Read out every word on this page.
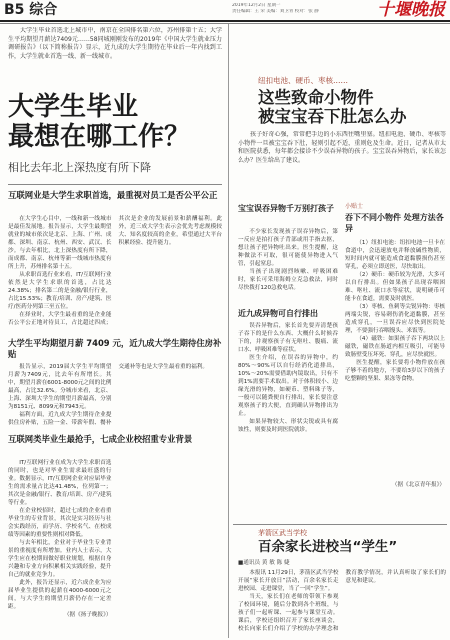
B5 综合	2019年12月2日 星期一
责任编辑：王 荣 美编：刘卫青 校对：张 静	十堰晚报

大学生毕业首选北上城市中，南京在全国排名第六位，苏州排第十五；大学生平均期望月薪达7409元……58同城刚刚发布的2019年《中国大学生就业压力调研报告》（以下简称报告）显示，近九成的大学生期待在毕业后一年内找到工作，大学生就业首选一线、新一线城市。

大学生毕业
最想在哪工作？
相比去年北上深热度有所下降
互联网业是大学生求职首选，最重视对员工是否公平公正

在大学生心目中，一线和新一线城市是最佳发展地。报告显示，大学生最期望就业的城市依次是北京、上海、广州、成都、深圳、南京、杭州、西安、武汉、长沙。与去年相比，北上深热度有所下降，而成都、南京、杭州等新一线城市热度有所上升，苏州排名第十五。

从求职首选行业来看，IT/互联网行业依然是大学生求职的首选，占比达24.38%；排名第二的是金融/银行行业，占比15.53%；教育/培训、房产/建筑、医疗/医药分列第三至五位。

在择业时，大学生最看重的是企业能否公平公正地对待员工，占比超过四成；其次是企业的发展前景和薪酬福利。此外，近三成大学生表示会优先考虑规模较大、知名度较高的企业，希望通过大平台积累经验、提升能力。

大学生平均期望月薪 7409 元，近九成大学生期待住房补贴

报告显示，2019届大学生平均期望月薪为7409元，比去年有所增长。其中，期望月薪在6001-8000元之间的比例最高，占比32.6%。分城市来看，北京、上海、深圳大学生的期望月薪最高，分别为8151元、8099元和7943元。

福利方面，近九成大学生期待企业提供住房补贴，五险一金、带薪年假、餐补交通补等也是大学生最看重的福利。

互联网类毕业生最抢手，七成企业校招重专业背景

IT/互联网行业在成为大学生求职首选的同时，也是对毕业生需求最旺盛的行业。数据显示，IT/互联网企业对应届毕业生的需求量占比达41.48%，位列第一；其次是金融/银行、教育/培训、房产/建筑等行业。

在企业校招时，超过七成的企业看重毕业生的专业背景，其次是实习经历与社会实践经历，而学历、学校名气、在校成绩等因素的重要性则相对降低。

与去年相比，企业对于毕业生专业背景的重视度有所增加。业内人士表示，大学生应在校期间做好职业规划，根据自身兴趣和专业方向积累相关实践经验，提升自己的就业竞争力。

此外，报告还显示，近六成企业为应届毕业生提供的起薪在4000-6000元之间，与大学生的期望月薪仍存在一定差距。

（据《扬子晚报》）

纽扣电池、硬币、枣核……
这些致命小物件
被宝宝吞下肚怎么办

孩子好奇心强，常常把手边的小东西往嘴里塞。纽扣电池、硬币、枣核等小物件一旦被宝宝吞下肚，轻则引起不适，重则危及生命。近日，记者从市太和医院获悉，每年都会接诊不少误吞异物的孩子。宝宝误吞异物后，家长该怎么办？医生给出了建议。

宝宝误吞异物千万别打孩子

不少家长发现孩子误吞异物后，第一反应是拍打孩子背部或用手指去抠，想让孩子把异物吐出来。医生提醒，这种做法不可取，很可能使异物进入气管，引起窒息。

当孩子出现剧烈咳嗽、呼吸困难时，家长可采用海姆立克急救法，同时尽快拨打120急救电话。

近九成异物可自行排出

误吞异物后，家长首先要弄清楚孩子吞下的是什么东西、大概什么时候吞下的，并观察孩子有无呕吐、腹痛、流口水、呼吸困难等症状。

医生介绍，在误吞的异物中，约80%～90%可以自行经消化道排出，10%～20%需要借助内镜取出，只有不到1%需要手术取出。对于体积较小、边缘光滑的异物，如硬币、塑料珠子等，一般可以随粪便自行排出，家长要注意观察孩子的大便，直到确认异物排出为止。

如果异物较大、形状尖锐或具有腐蚀性，则要及时到医院就诊。

小贴士
吞下不同小物件 处理方法各异

（1）纽扣电池：纽扣电池一旦卡在食道中，会迅速放电并释放碱性物质，短时间内就可能造成食道黏膜损伤甚至穿孔，必须立即送医，尽快取出。

（2）硬币：硬币较为光滑，大多可以自行排出。但如果孩子出现吞咽困难、呕吐、流口水等症状，说明硬币可能卡在食道，需要及时就医。

（3）枣核、鱼刺等尖锐异物：枣核两端尖锐，容易刺伤消化道黏膜，甚至造成穿孔，一旦误吞应尽快到医院处理，不要强行吞咽馒头、米饭等。

（4）磁铁：如果孩子吞下两块以上磁铁，磁铁在肠道内相互吸引，可能导致肠壁受压坏死、穿孔，应尽快就医。

医生提醒，家长要将小物件放在孩子够不着的地方，不要给3岁以下的孩子吃整颗的坚果、果冻等食物。

（据《北京青年报》）
茅箭区武当学校
百余家长进校当“学生”
■通讯员 黄 敏 陈 婕

本报讯 11月29日，茅箭区武当学校开展“家长开放日”活动，百余名家长走进校园、走进课堂，当了一回“学生”。

当天，家长们在老师的带领下参观了校园环境，随后分散到各个班级，与孩子们一起听课、一起参与课堂互动。课后，学校还组织召开了家长座谈会，校长向家长们介绍了学校的办学理念和教育教学情况，并认真听取了家长们的意见和建议。
